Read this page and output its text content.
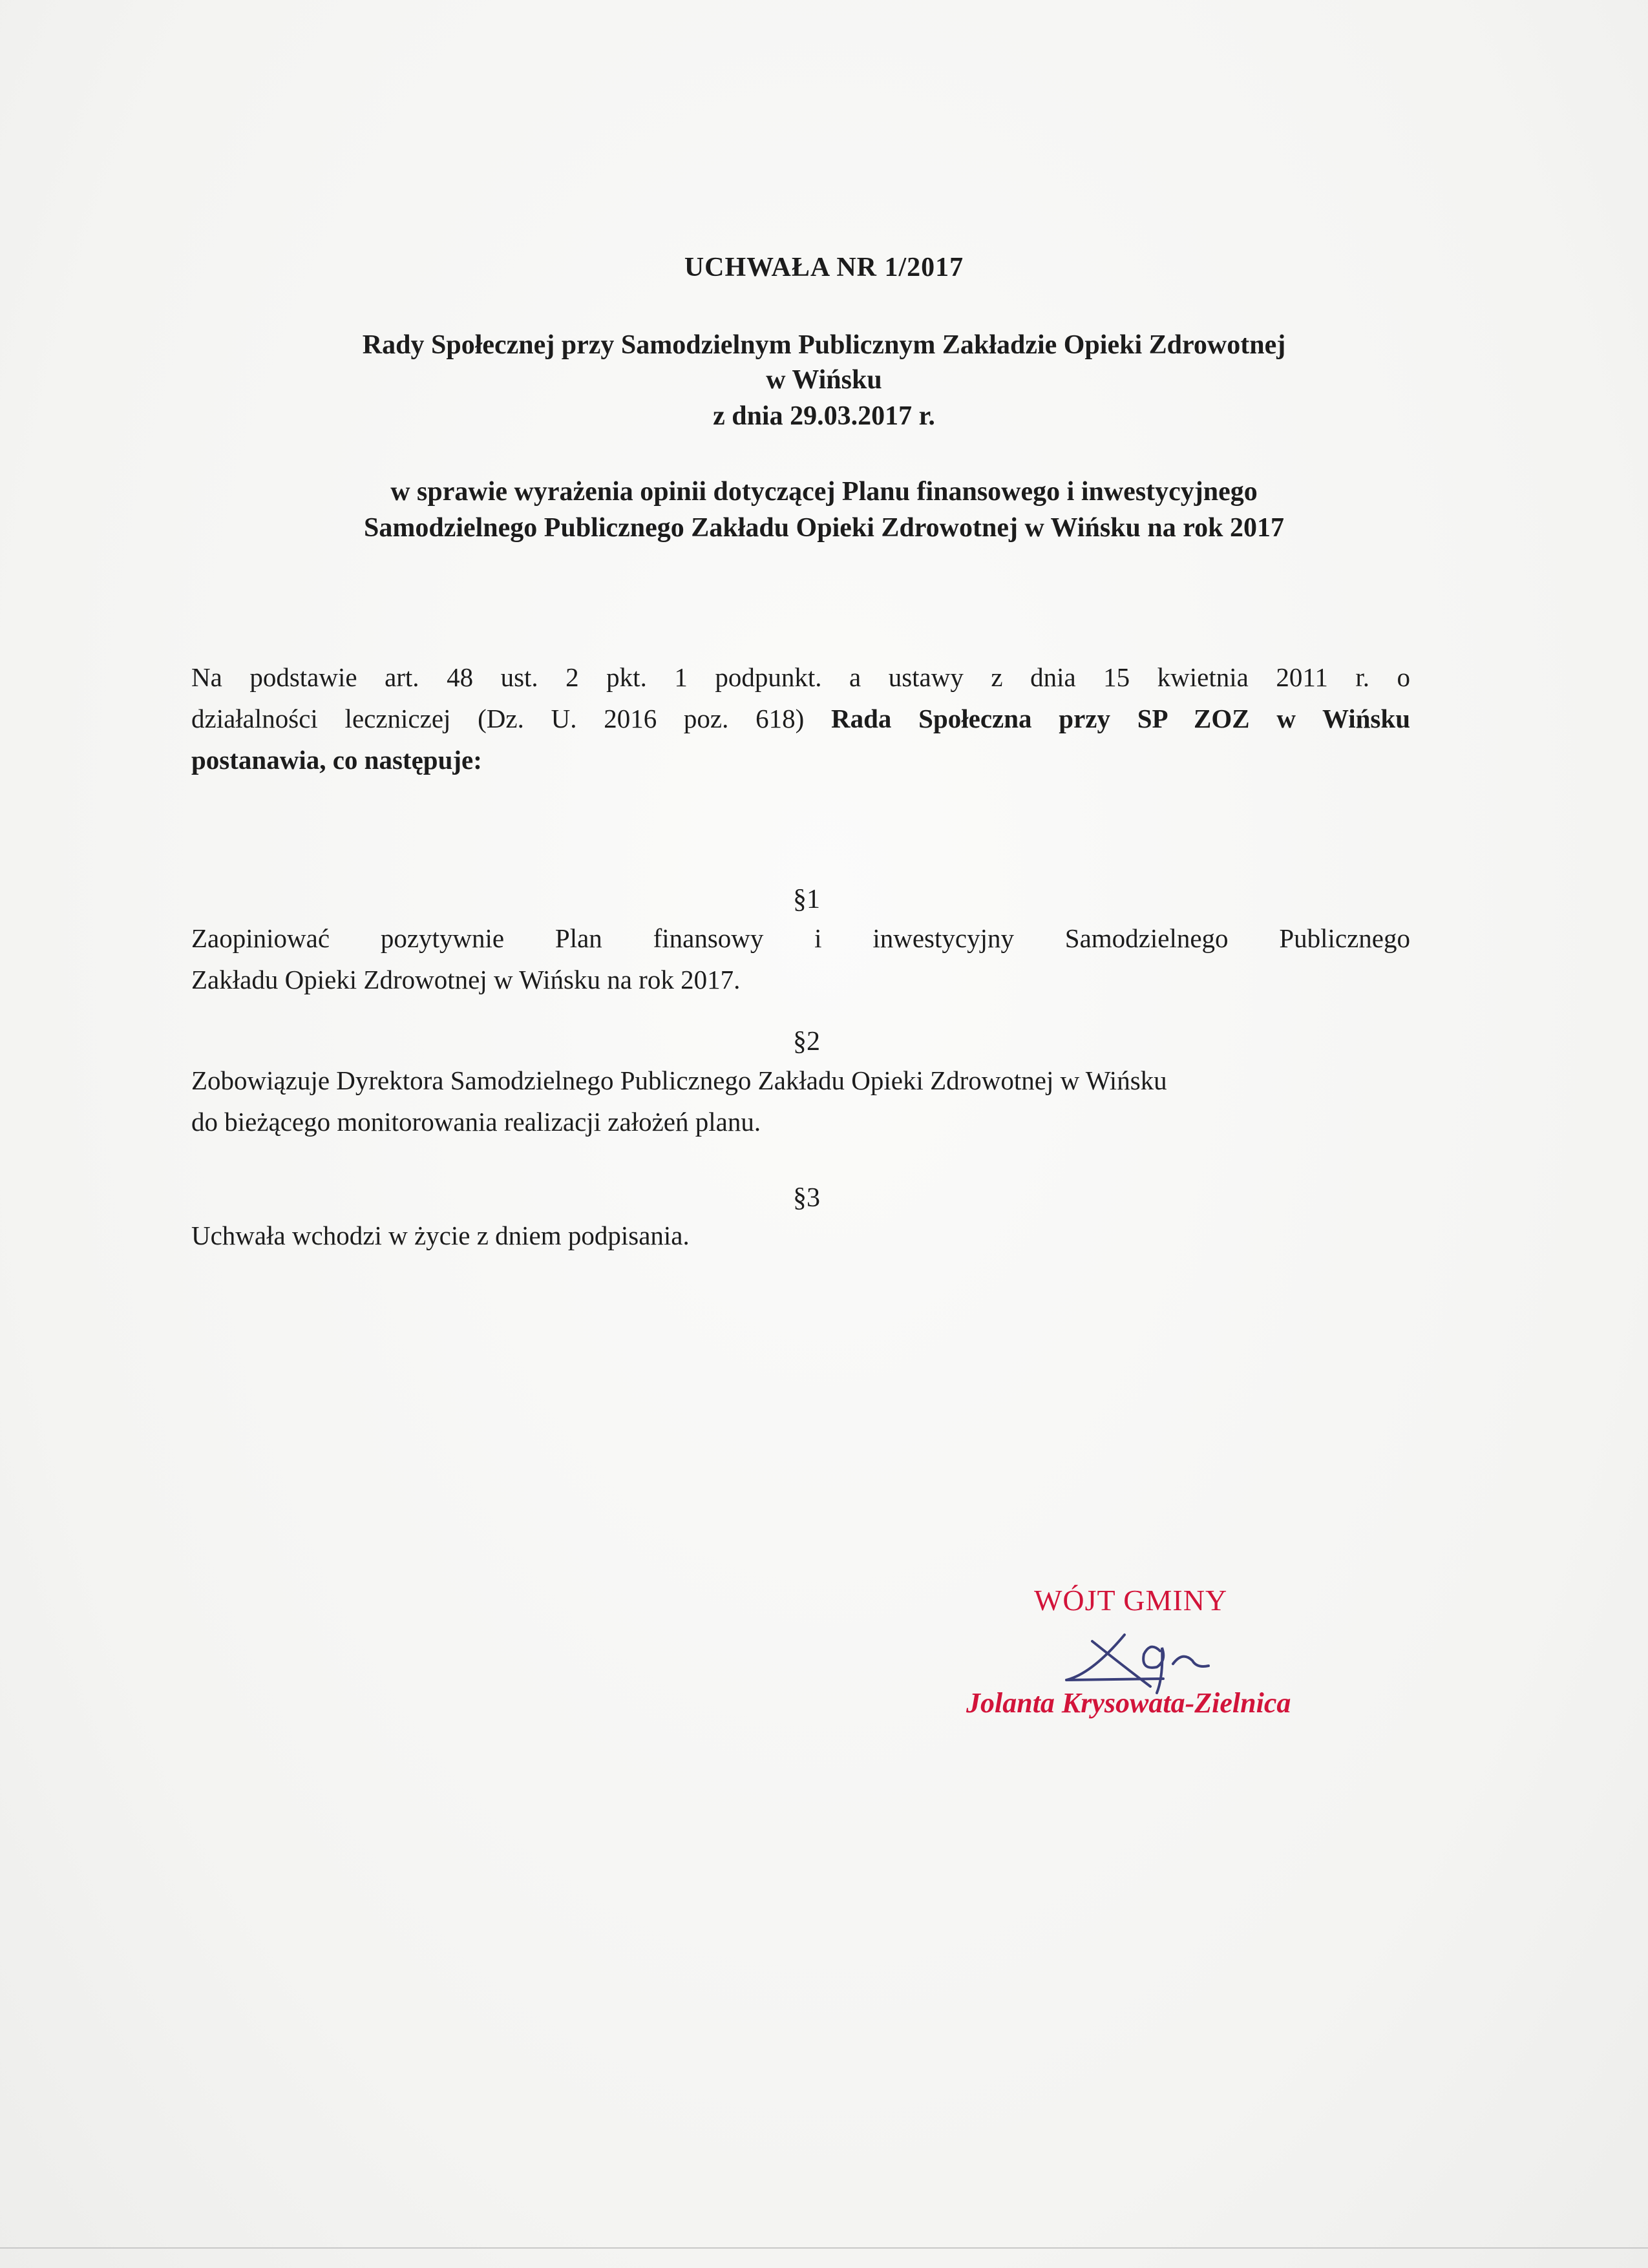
UCHWAŁA NR 1/2017

Rady Społecznej przy Samodzielnym Publicznym Zakładzie Opieki Zdrowotnej

w Wińsku

z dnia 29.03.2017 r.

w sprawie wyrażenia opinii dotyczącej Planu finansowego i inwestycyjnego

Samodzielnego Publicznego Zakładu Opieki Zdrowotnej w Wińsku na rok 2017

Na podstawie art. 48 ust. 2 pkt. 1 podpunkt. a ustawy z dnia 15 kwietnia 2011 r. o
działalności leczniczej (Dz. U. 2016 poz. 618) Rada Społeczna przy SP ZOZ w Wińsku
postanawia, co następuje:

§1

Zaopiniować pozytywnie Plan finansowy i inwestycyjny Samodzielnego Publicznego
Zakładu Opieki Zdrowotnej w Wińsku na rok 2017.

§2

Zobowiązuje Dyrektora Samodzielnego Publicznego Zakładu Opieki Zdrowotnej w Wińsku
do bieżącego monitorowania realizacji założeń planu.

§3

Uchwała wchodzi w życie z dniem podpisania.
WÓJT GMINY
Jolanta Krysowata-Zielnica
